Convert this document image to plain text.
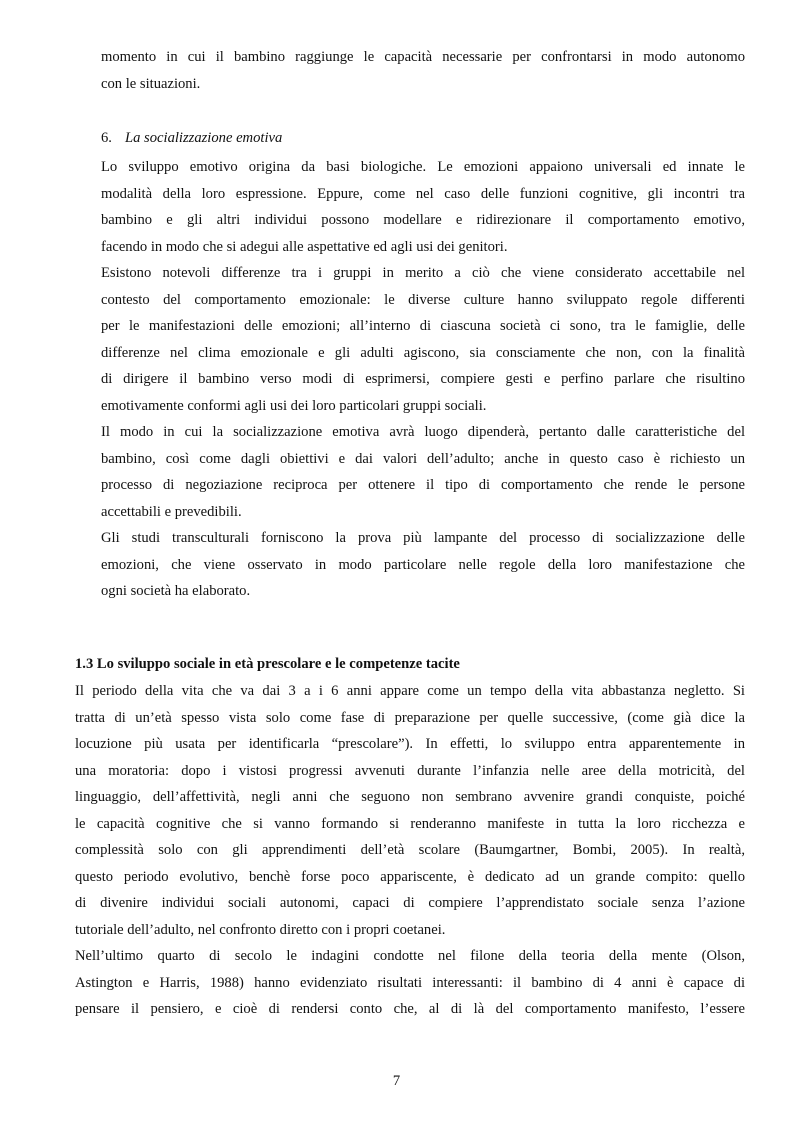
momento in cui il bambino raggiunge le capacità necessarie per confrontarsi in modo autonomo
con le situazioni.
6. La socializzazione emotiva
Lo sviluppo emotivo origina da basi biologiche. Le emozioni appaiono universali ed innate le
modalità della loro espressione. Eppure, come nel caso delle funzioni cognitive, gli incontri tra
bambino e gli altri individui possono modellare e ridirezionare il comportamento emotivo,
facendo in modo che si adegui alle aspettative ed agli usi dei genitori.
Esistono notevoli differenze tra i gruppi in merito a ciò che viene considerato accettabile nel
contesto del comportamento emozionale: le diverse culture hanno sviluppato regole differenti
per le manifestazioni delle emozioni; all’interno di ciascuna società ci sono, tra le famiglie, delle
differenze nel clima emozionale e gli adulti agiscono, sia consciamente che non, con la finalità
di dirigere il bambino verso modi di esprimersi, compiere gesti e perfino parlare che risultino
emotivamente conformi agli usi dei loro particolari gruppi sociali.
Il modo in cui la socializzazione emotiva avrà luogo dipenderà, pertanto dalle caratteristiche del
bambino, così come dagli obiettivi e dai valori dell’adulto; anche in questo caso è richiesto un
processo di negoziazione reciproca per ottenere il tipo di comportamento che rende le persone
accettabili e prevedibili.
Gli studi transculturali forniscono la prova più lampante del processo di socializzazione delle
emozioni, che viene osservato in modo particolare nelle regole della loro manifestazione che
ogni società ha elaborato.
1.3 Lo sviluppo sociale in età prescolare e le competenze tacite
Il periodo della vita che va dai 3 a i 6 anni appare come un tempo della vita abbastanza negletto. Si
tratta di un’età spesso vista solo come fase di preparazione per quelle successive, (come già dice la
locuzione più usata per identificarla “prescolare”). In effetti, lo sviluppo entra apparentemente in
una moratoria: dopo i vistosi progressi avvenuti durante l’infanzia nelle aree della motricità, del
linguaggio, dell’affettività, negli anni che seguono non sembrano avvenire grandi conquiste, poiché
le capacità cognitive che si vanno formando si renderanno manifeste in tutta la loro ricchezza e
complessità solo con gli apprendimenti dell’età scolare (Baumgartner, Bombi, 2005). In realtà,
questo periodo evolutivo, benchè forse poco appariscente, è dedicato ad un grande compito: quello
di divenire individui sociali autonomi, capaci di compiere l’apprendistato sociale senza l’azione
tutoriale dell’adulto, nel confronto diretto con i propri coetanei.
Nell’ultimo quarto di secolo le indagini condotte nel filone della teoria della mente (Olson,
Astington e Harris, 1988) hanno evidenziato risultati interessanti: il bambino di 4 anni è capace di
pensare il pensiero, e cioè di rendersi conto che, al di là del comportamento manifesto, l’essere
7
